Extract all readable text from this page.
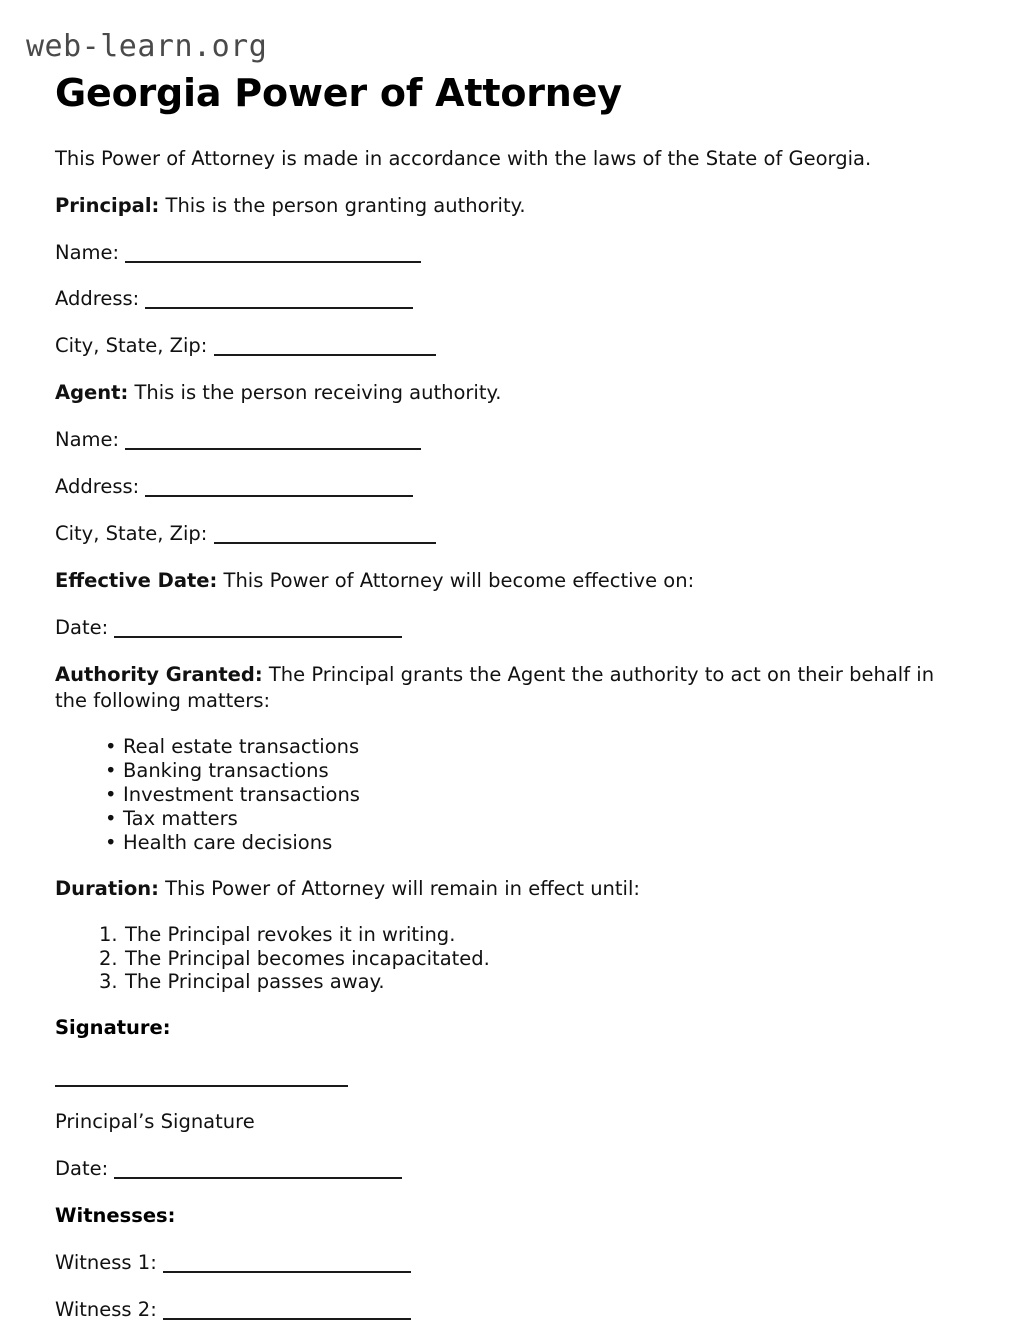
web-learn.org
Georgia Power of Attorney

This Power of Attorney is made in accordance with the laws of the State of Georgia.

Principal: This is the person granting authority.

Name:

Address:

City, State, Zip:

Agent: This is the person receiving authority.

Name:

Address:

City, State, Zip:

Effective Date: This Power of Attorney will become effective on:

Date:

Authority Granted: The Principal grants the Agent the authority to act on their behalf in the following matters:

• Real estate transactions
• Banking transactions
• Investment transactions
• Tax matters
• Health care decisions

Duration: This Power of Attorney will remain in effect until:

The Principal revokes it in writing.
The Principal becomes incapacitated.
The Principal passes away.

Signature:

Principal’s Signature

Date:

Witnesses:

Witness 1:

Witness 2:
